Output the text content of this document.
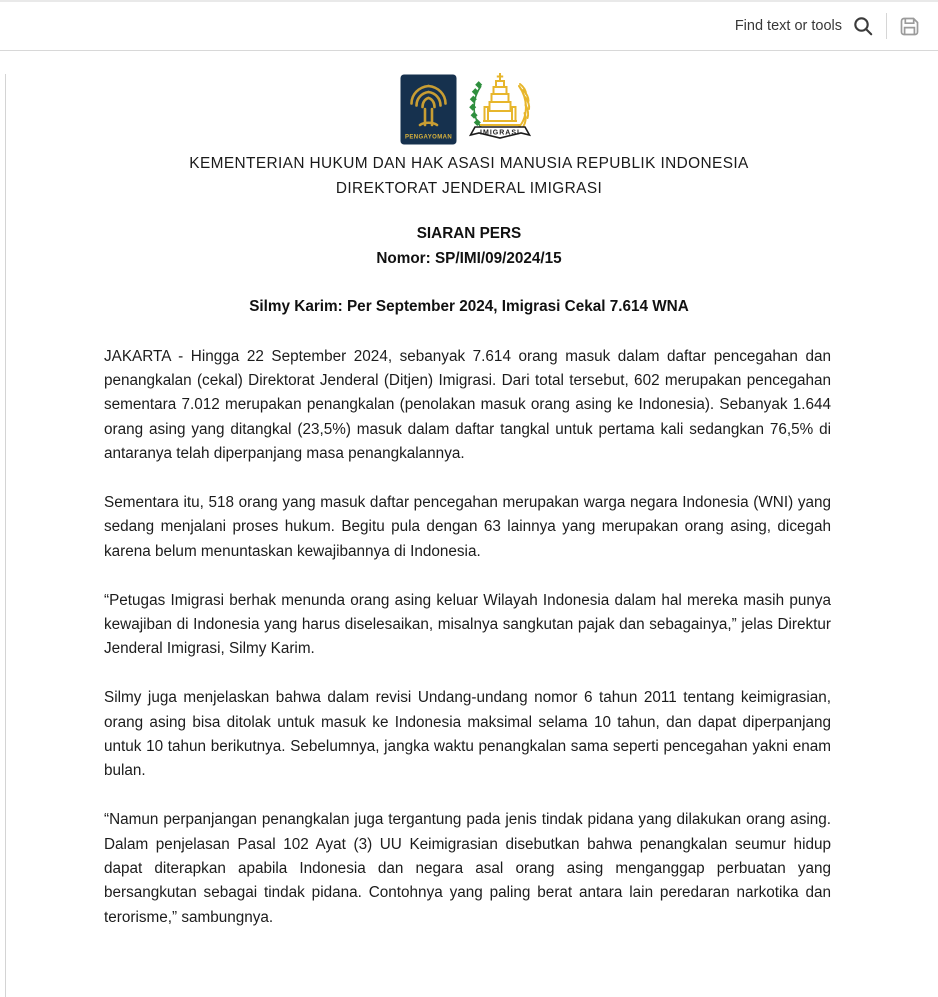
Find text or tools
PENGAYOMAN
IMIGRASI
KEMENTERIAN HUKUM DAN HAK ASASI MANUSIA REPUBLIK INDONESIA
DIREKTORAT JENDERAL IMIGRASI
SIARAN PERS
Nomor: SP/IMI/09/2024/15
Silmy Karim: Per September 2024, Imigrasi Cekal 7.614 WNA

JAKARTA - Hingga 22 September 2024, sebanyak 7.614 orang masuk dalam daftar pencegahan dan penangkalan (cekal) Direktorat Jenderal (Ditjen) Imigrasi. Dari total tersebut, 602 merupakan pencegahan sementara 7.012 merupakan penangkalan (penolakan masuk orang asing ke Indonesia). Sebanyak 1.644 orang asing yang ditangkal (23,5%) masuk dalam daftar tangkal untuk pertama kali sedangkan 76,5% di antaranya telah diperpanjang masa penangkalannya.

Sementara itu, 518 orang yang masuk daftar pencegahan merupakan warga negara Indonesia (WNI) yang sedang menjalani proses hukum. Begitu pula dengan 63 lainnya yang merupakan orang asing, dicegah karena belum menuntaskan kewajibannya di Indonesia.

“Petugas Imigrasi berhak menunda orang asing keluar Wilayah Indonesia dalam hal mereka masih punya kewajiban di Indonesia yang harus diselesaikan, misalnya sangkutan pajak dan sebagainya,” jelas Direktur Jenderal Imigrasi, Silmy Karim.

Silmy juga menjelaskan bahwa dalam revisi Undang-undang nomor 6 tahun 2011 tentang keimigrasian, orang asing bisa ditolak untuk masuk ke Indonesia maksimal selama 10 tahun, dan dapat diperpanjang untuk 10 tahun berikutnya. Sebelumnya, jangka waktu penangkalan sama seperti pencegahan yakni enam bulan.

“Namun perpanjangan penangkalan juga tergantung pada jenis tindak pidana yang dilakukan orang asing. Dalam penjelasan Pasal 102 Ayat (3) UU Keimigrasian disebutkan bahwa penangkalan seumur hidup dapat diterapkan apabila Indonesia dan negara asal orang asing menganggap perbuatan yang bersangkutan sebagai tindak pidana. Contohnya yang paling berat antara lain peredaran narkotika dan terorisme,” sambungnya.
